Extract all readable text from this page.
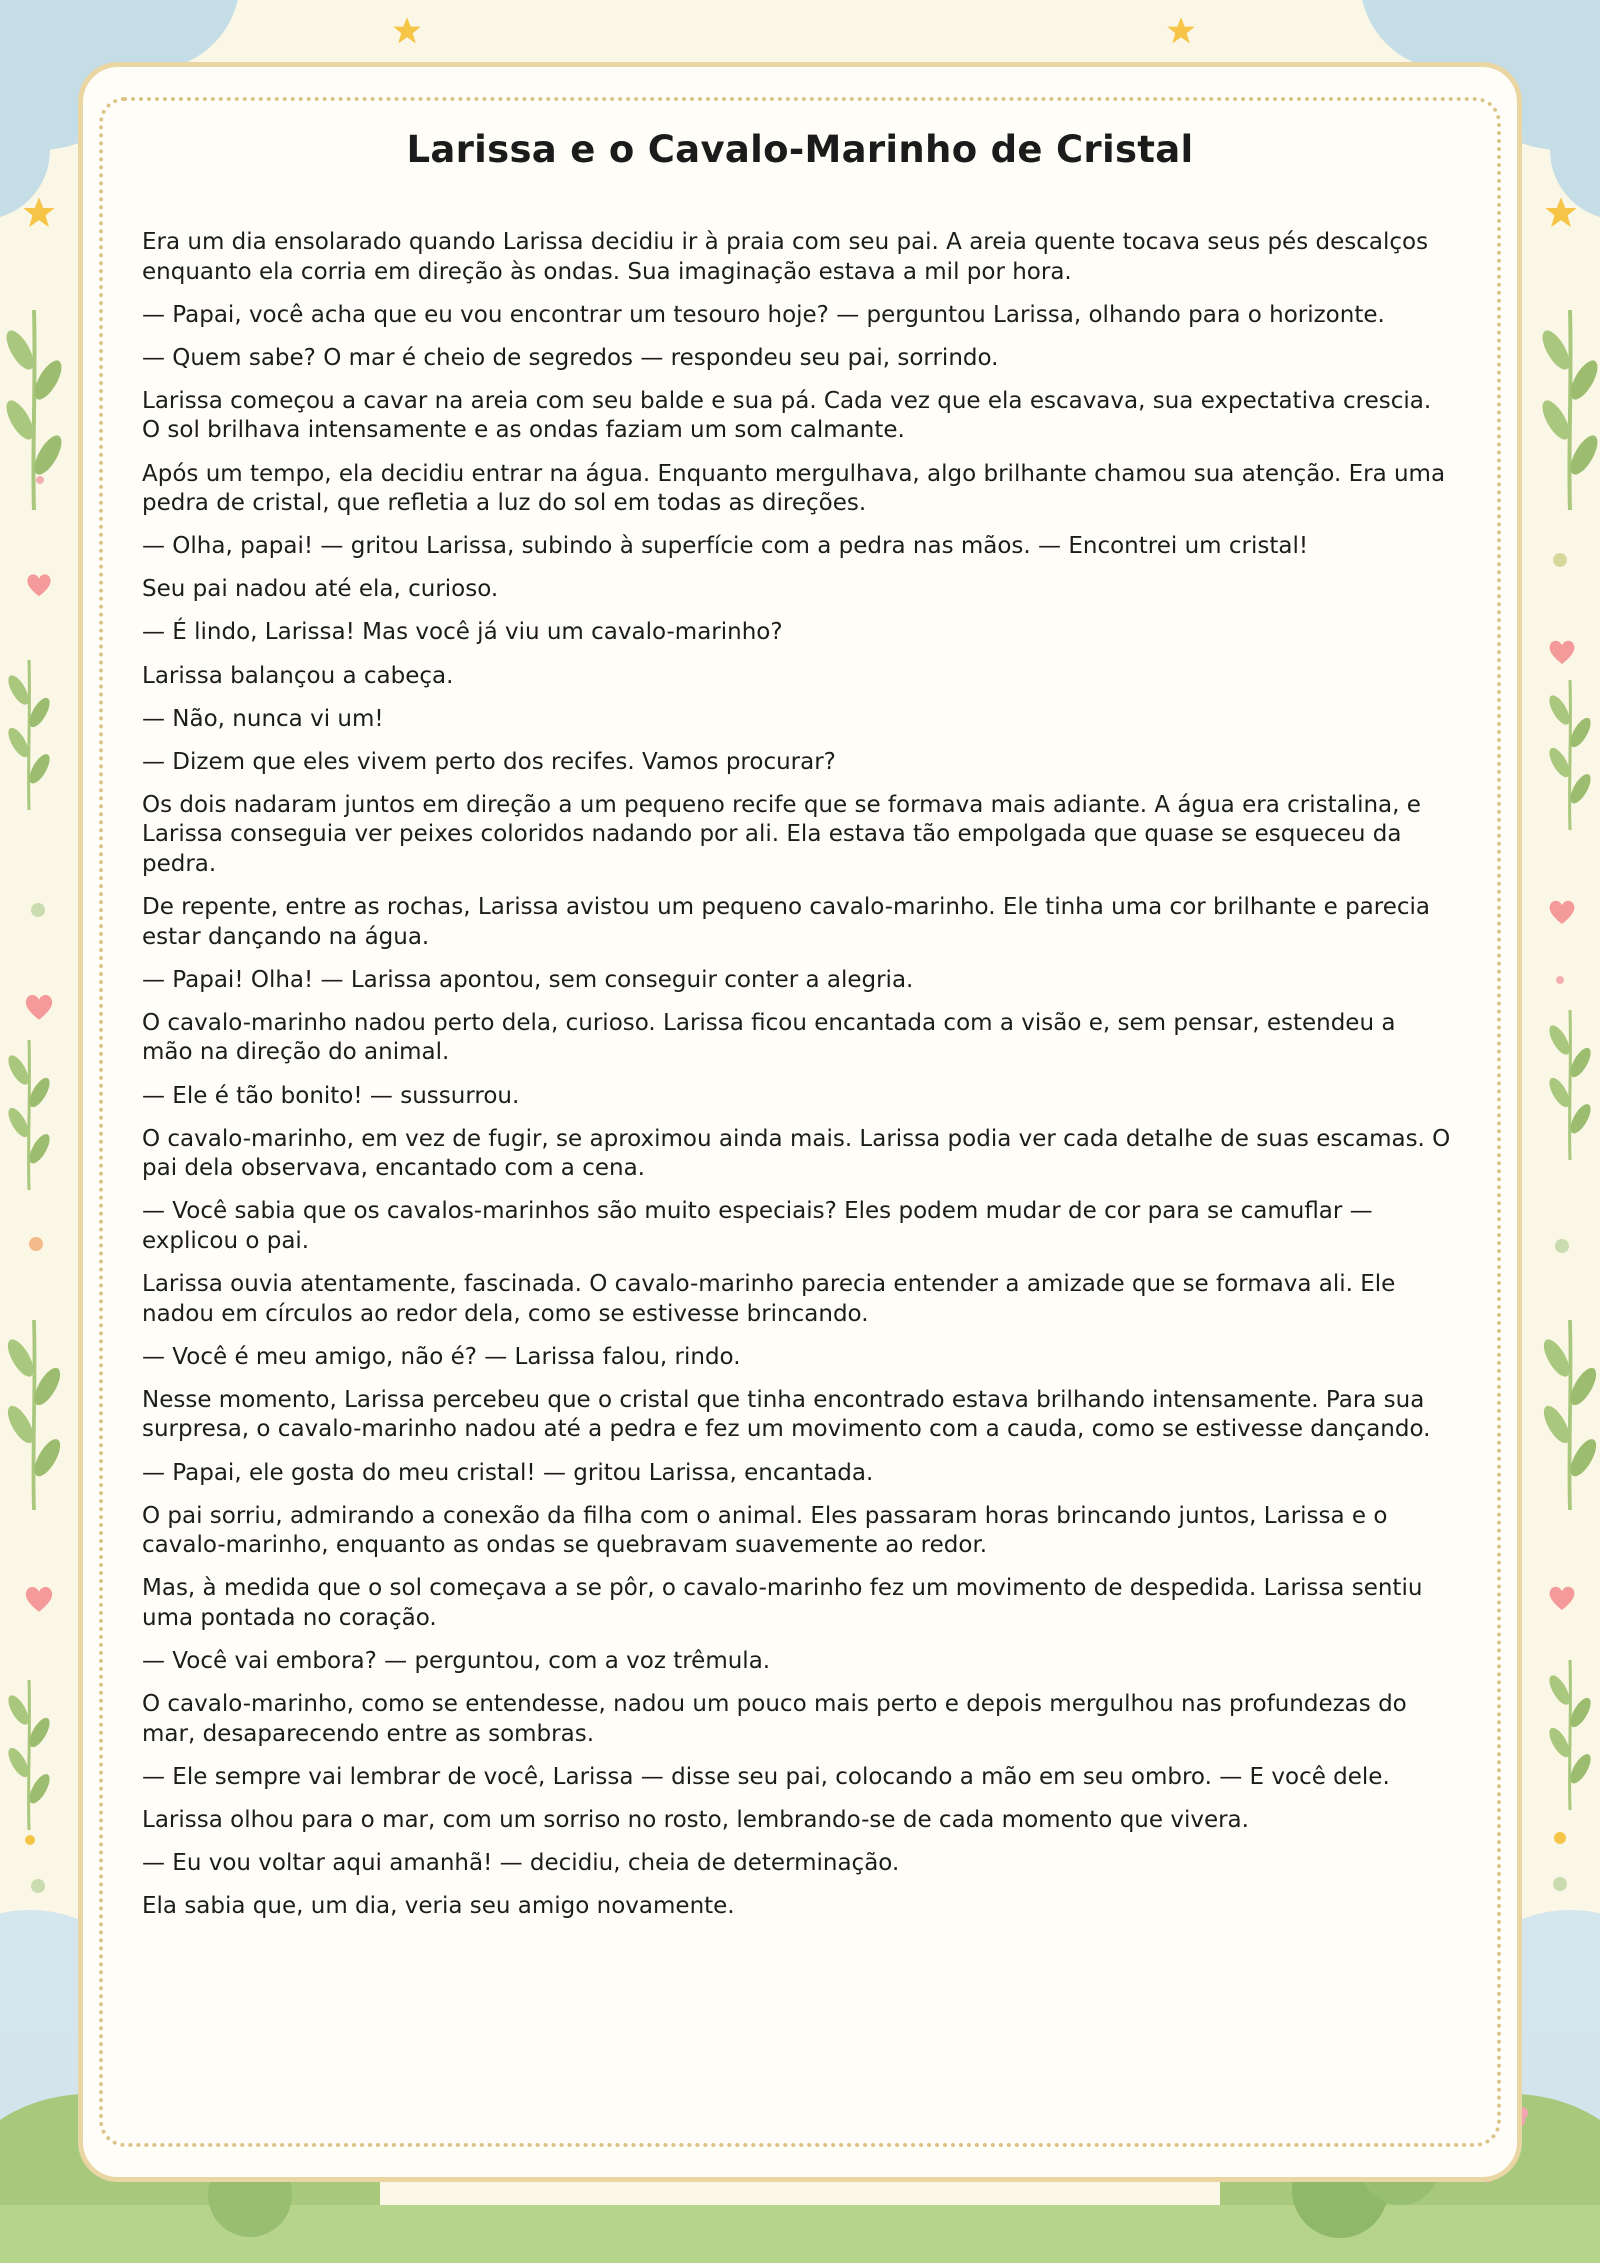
Larissa e o Cavalo-Marinho de Cristal

Era um dia ensolarado quando Larissa decidiu ir à praia com seu pai. A areia quente tocava seus pés descalços enquanto ela corria em direção às ondas. Sua imaginação estava a mil por hora.

— Papai, você acha que eu vou encontrar um tesouro hoje? — perguntou Larissa, olhando para o horizonte.

— Quem sabe? O mar é cheio de segredos — respondeu seu pai, sorrindo.

Larissa começou a cavar na areia com seu balde e sua pá. Cada vez que ela escavava, sua expectativa crescia. O sol brilhava intensamente e as ondas faziam um som calmante.

Após um tempo, ela decidiu entrar na água. Enquanto mergulhava, algo brilhante chamou sua atenção. Era uma pedra de cristal, que refletia a luz do sol em todas as direções.

— Olha, papai! — gritou Larissa, subindo à superfície com a pedra nas mãos. — Encontrei um cristal!

Seu pai nadou até ela, curioso.

— É lindo, Larissa! Mas você já viu um cavalo-marinho?

Larissa balançou a cabeça.

— Não, nunca vi um!

— Dizem que eles vivem perto dos recifes. Vamos procurar?

Os dois nadaram juntos em direção a um pequeno recife que se formava mais adiante. A água era cristalina, e Larissa conseguia ver peixes coloridos nadando por ali. Ela estava tão empolgada que quase se esqueceu da pedra.

De repente, entre as rochas, Larissa avistou um pequeno cavalo-marinho. Ele tinha uma cor brilhante e parecia estar dançando na água.

— Papai! Olha! — Larissa apontou, sem conseguir conter a alegria.

O cavalo-marinho nadou perto dela, curioso. Larissa ficou encantada com a visão e, sem pensar, estendeu a mão na direção do animal.

— Ele é tão bonito! — sussurrou.

O cavalo-marinho, em vez de fugir, se aproximou ainda mais. Larissa podia ver cada detalhe de suas escamas. O pai dela observava, encantado com a cena.

— Você sabia que os cavalos-marinhos são muito especiais? Eles podem mudar de cor para se camuflar — explicou o pai.

Larissa ouvia atentamente, fascinada. O cavalo-marinho parecia entender a amizade que se formava ali. Ele nadou em círculos ao redor dela, como se estivesse brincando.

— Você é meu amigo, não é? — Larissa falou, rindo.

Nesse momento, Larissa percebeu que o cristal que tinha encontrado estava brilhando intensamente. Para sua surpresa, o cavalo-marinho nadou até a pedra e fez um movimento com a cauda, como se estivesse dançando.

— Papai, ele gosta do meu cristal! — gritou Larissa, encantada.

O pai sorriu, admirando a conexão da filha com o animal. Eles passaram horas brincando juntos, Larissa e o cavalo-marinho, enquanto as ondas se quebravam suavemente ao redor.

Mas, à medida que o sol começava a se pôr, o cavalo-marinho fez um movimento de despedida. Larissa sentiu uma pontada no coração.

— Você vai embora? — perguntou, com a voz trêmula.

O cavalo-marinho, como se entendesse, nadou um pouco mais perto e depois mergulhou nas profundezas do mar, desaparecendo entre as sombras.

— Ele sempre vai lembrar de você, Larissa — disse seu pai, colocando a mão em seu ombro. — E você dele.

Larissa olhou para o mar, com um sorriso no rosto, lembrando-se de cada momento que vivera.

— Eu vou voltar aqui amanhã! — decidiu, cheia de determinação.

Ela sabia que, um dia, veria seu amigo novamente.
